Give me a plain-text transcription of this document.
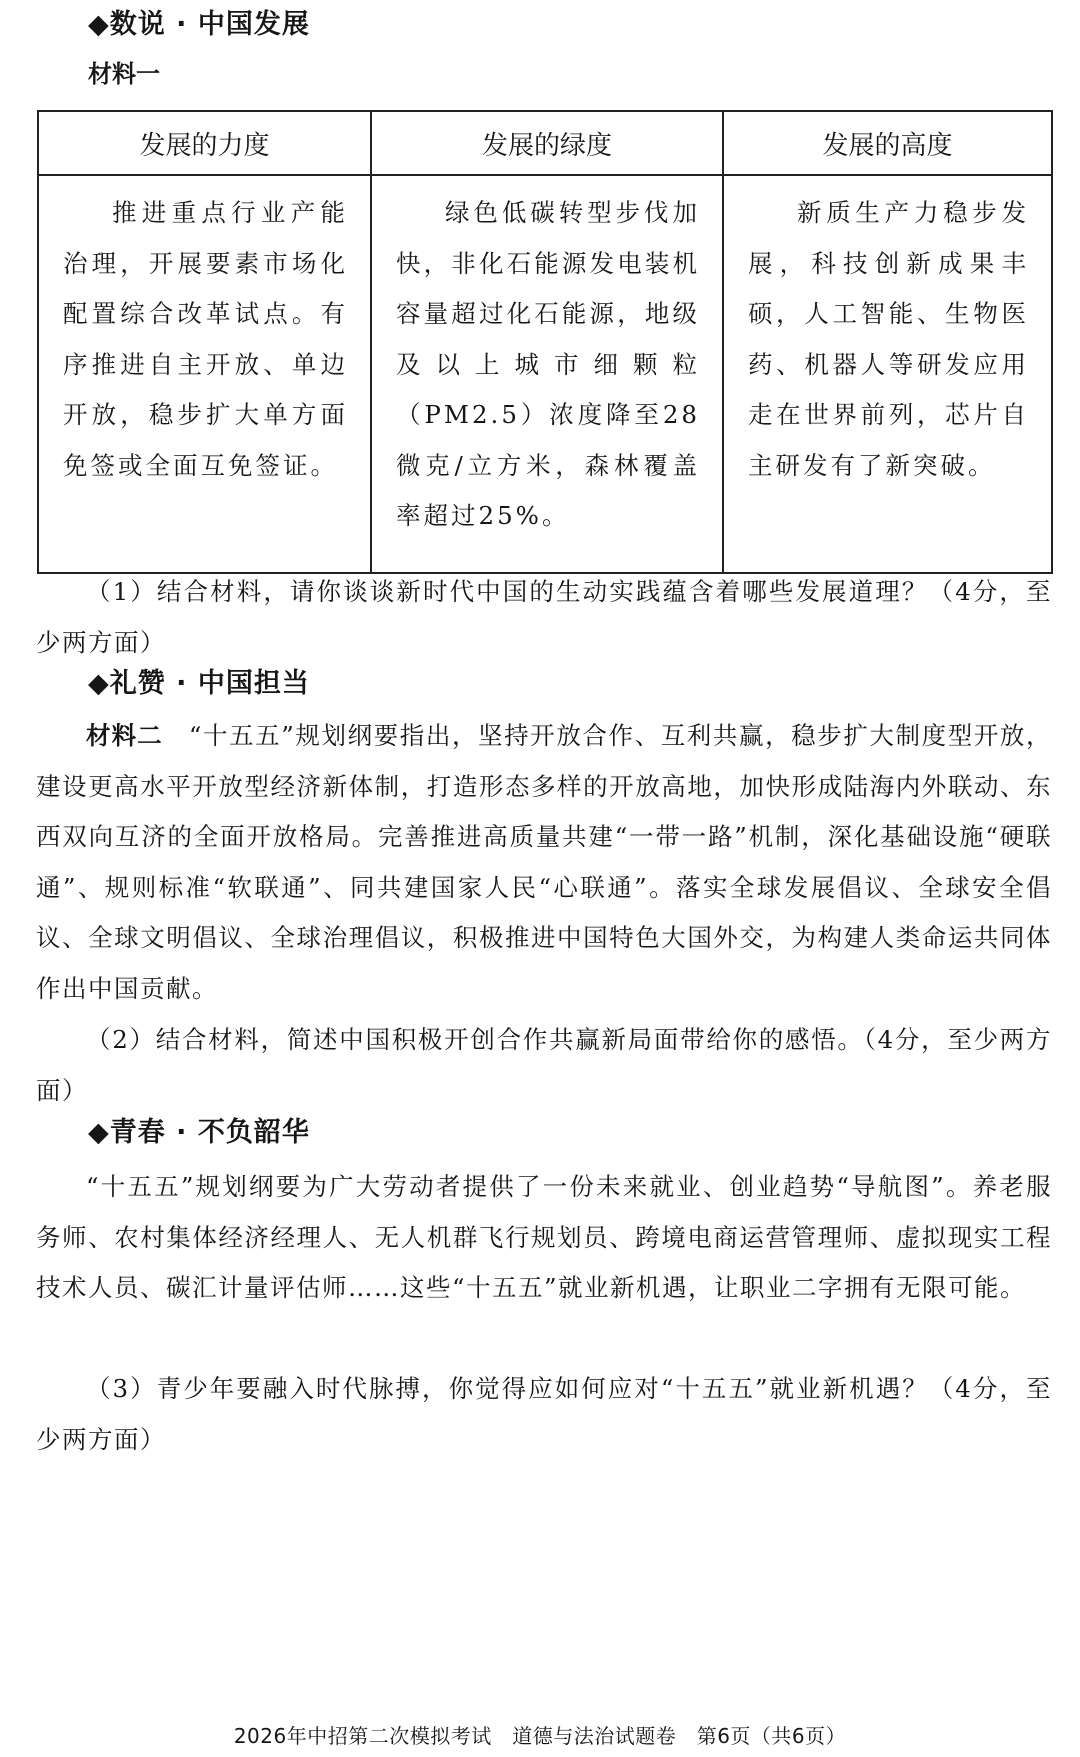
◆数说 · 中国发展
材料一
发展的力度	发展的绿度	发展的高度
推进重点行业产能治理，开展要素市场化配置综合改革试点。有序推进自主开放、单边开放，稳步扩大单方面免签或全面互免签证。	绿色低碳转型步伐加快，非化石能源发电装机容量超过化石能源，地级及以上城市细颗粒（PM2.5）浓度降至28微克/立方米，森林覆盖率超过25%。	新质生产力稳步发展，科技创新成果丰硕，人工智能、生物医药、机器人等研发应用走在世界前列，芯片自主研发有了新突破。
（1）结合材料，请你谈谈新时代中国的生动实践蕴含着哪些发展道理？（4分，至少两方面）
◆礼赞 · 中国担当
材料二　 “十五五”规划纲要指出，坚持开放合作、互利共赢，稳步扩大制度型开放，建设更高水平开放型经济新体制，打造形态多样的开放高地，加快形成陆海内外联动、东西双向互济的全面开放格局。完善推进高质量共建“一带一路”机制，深化基础设施“硬联通”、规则标准“软联通”、同共建国家人民“心联通”。落实全球发展倡议、全球安全倡议、全球文明倡议、全球治理倡议，积极推进中国特色大国外交，为构建人类命运共同体作出中国贡献。
（2）结合材料，简述中国积极开创合作共赢新局面带给你的感悟。（4分，至少两方面）
◆青春 · 不负韶华
“十五五”规划纲要为广大劳动者提供了一份未来就业、创业趋势“导航图”。养老服务师、农村集体经济经理人、无人机群飞行规划员、跨境电商运营管理师、虚拟现实工程技术人员、碳汇计量评估师……这些“十五五”就业新机遇，让职业二字拥有无限可能。
（3）青少年要融入时代脉搏，你觉得应如何应对“十五五”就业新机遇？（4分，至少两方面）
2026年中招第二次模拟考试　道德与法治试题卷　第6页（共6页）
